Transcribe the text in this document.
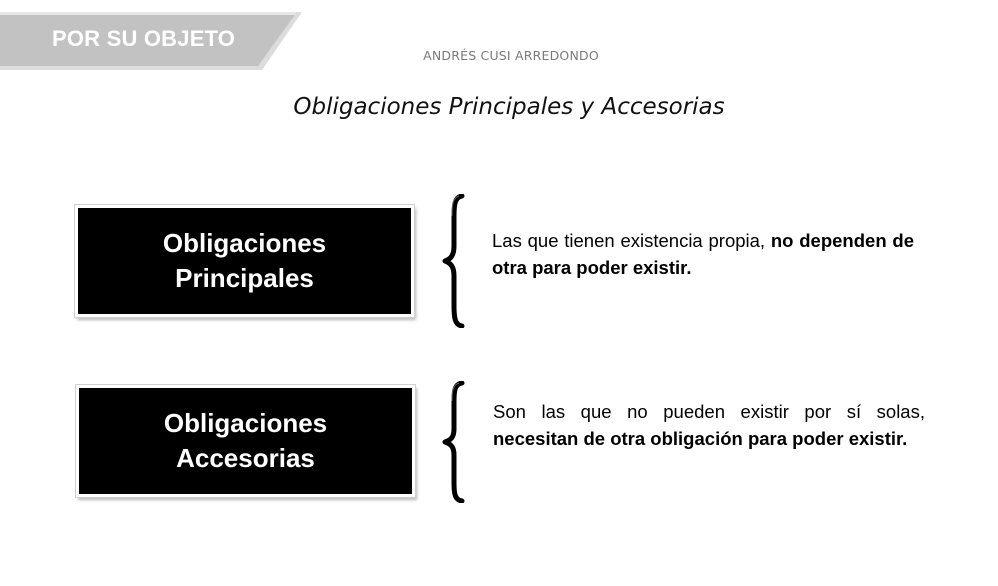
POR SU OBJETO
ANDRÉS CUSI ARREDONDO
Obligaciones Principales y Accesorias
Obligaciones
Principales
Las que tienen existencia propia, no dependen de otra para poder existir.
Obligaciones
Accesorias
Son las que no pueden existir por sí solas, necesitan de otra obligación para poder existir.
